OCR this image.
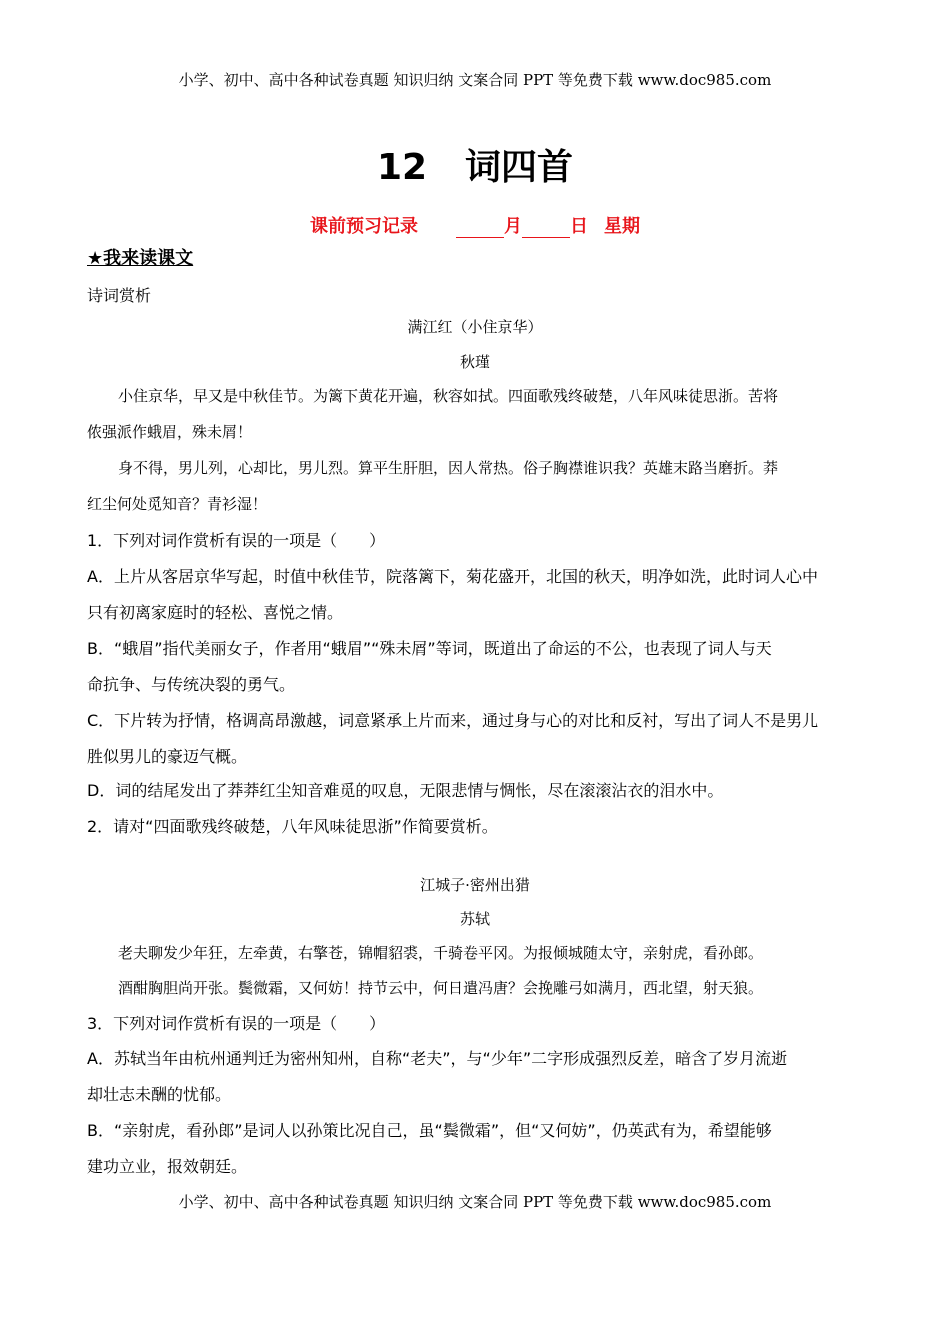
小学、初中、高中各种试卷真题 知识归纳 文案合同 PPT 等免费下载 www.doc985.com
12 词四首
课前预习记录	月	日 星期
★我来读课文
诗词赏析
满江红（小住京华）
秋瑾
小住京华，早又是中秋佳节。为篱下黄花开遍，秋容如拭。四面歌残终破楚，八年风味徒思浙。苦将
侬强派作蛾眉，殊未屑！
身不得，男儿列，心却比，男儿烈。算平生肝胆，因人常热。俗子胸襟谁识我？英雄末路当磨折。莽
红尘何处觅知音？青衫湿！
1．下列对词作赏析有误的一项是（　　）
A．上片从客居京华写起，时值中秋佳节，院落篱下，菊花盛开，北国的秋天，明净如洗，此时词人心中
只有初离家庭时的轻松、喜悦之情。
B．“蛾眉”指代美丽女子，作者用“蛾眉”“殊未屑”等词，既道出了命运的不公，也表现了词人与天
命抗争、与传统决裂的勇气。
C．下片转为抒情，格调高昂激越，词意紧承上片而来，通过身与心的对比和反衬，写出了词人不是男儿
胜似男儿的豪迈气概。
D．词的结尾发出了莽莽红尘知音难觅的叹息，无限悲情与惆怅，尽在滚滚沾衣的泪水中。
2．请对“四面歌残终破楚，八年风味徒思浙”作简要赏析。
江城子·密州出猎
苏轼
老夫聊发少年狂，左牵黄，右擎苍，锦帽貂裘，千骑卷平冈。为报倾城随太守，亲射虎，看孙郎。
酒酣胸胆尚开张。鬓微霜，又何妨！持节云中，何日遣冯唐？会挽雕弓如满月，西北望，射天狼。
3．下列对词作赏析有误的一项是（　　）
A．苏轼当年由杭州通判迁为密州知州，自称“老夫”，与“少年”二字形成强烈反差，暗含了岁月流逝
却壮志未酬的忧郁。
B．“亲射虎，看孙郎”是词人以孙策比况自己，虽“鬓微霜”，但“又何妨”，仍英武有为，希望能够
建功立业，报效朝廷。
小学、初中、高中各种试卷真题 知识归纳 文案合同 PPT 等免费下载 www.doc985.com
